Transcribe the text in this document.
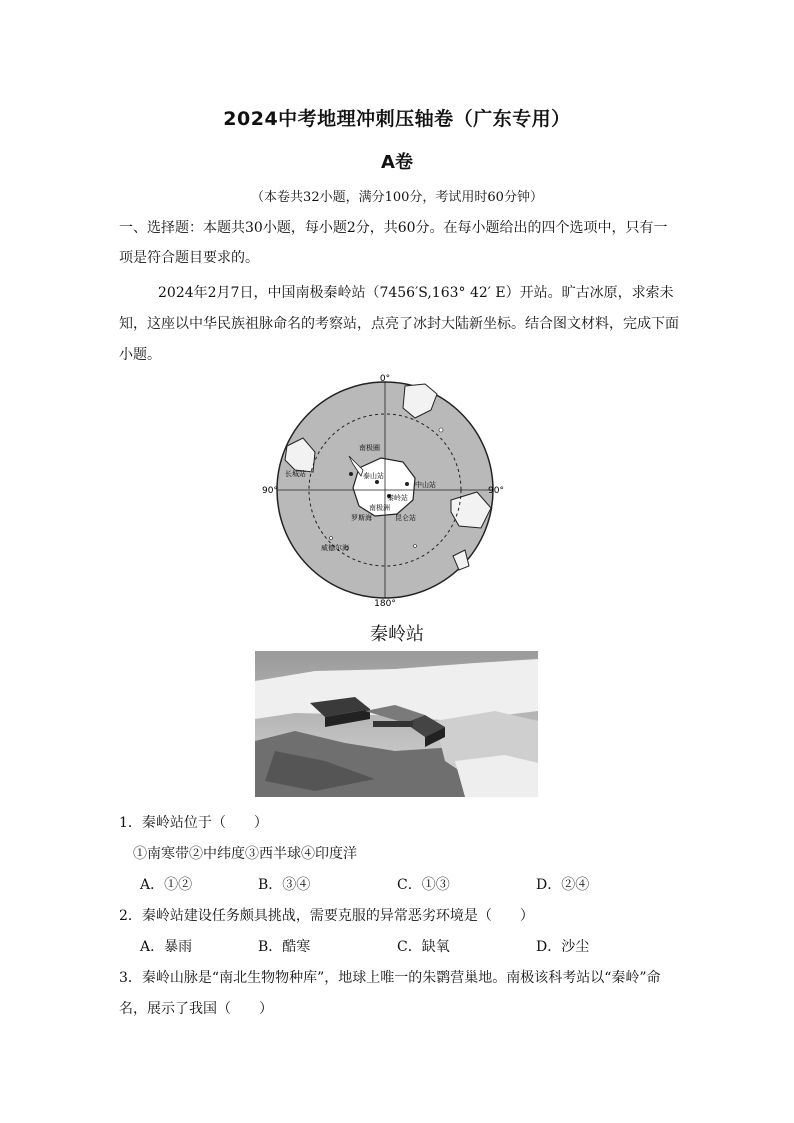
2024中考地理冲刺压轴卷（广东专用）
A卷
（本卷共32小题，满分100分，考试用时60分钟）
一、选择题：本题共30小题，每小题2分，共60分。在每小题给出的四个选项中，只有一
项是符合题目要求的。
2024年2月7日，中国南极秦岭站（7456′S,163° 42′ E）开站。旷古冰原，求索未
知，这座以中华民族祖脉命名的考察站，点亮了冰封大陆新坐标。结合图文材料，完成下面
小题。
0°
180°
90°	90°
长城站
中山站
秦岭站
泰山站
昆仑站
威德尔海
罗斯海
南极圈
南极洲
秦岭站
1．秦岭站位于（　　）
①南寒带②中纬度③西半球④印度洋
A．①②	B．③④	C．①③	D．②④
2．秦岭站建设任务颇具挑战，需要克服的异常恶劣环境是（　　）
A．暴雨	B．酷寒	C．缺氧	D．沙尘
3．秦岭山脉是“南北生物物种库”，地球上唯一的朱鹮营巢地。南极该科考站以“秦岭”命
名，展示了我国（　　）
